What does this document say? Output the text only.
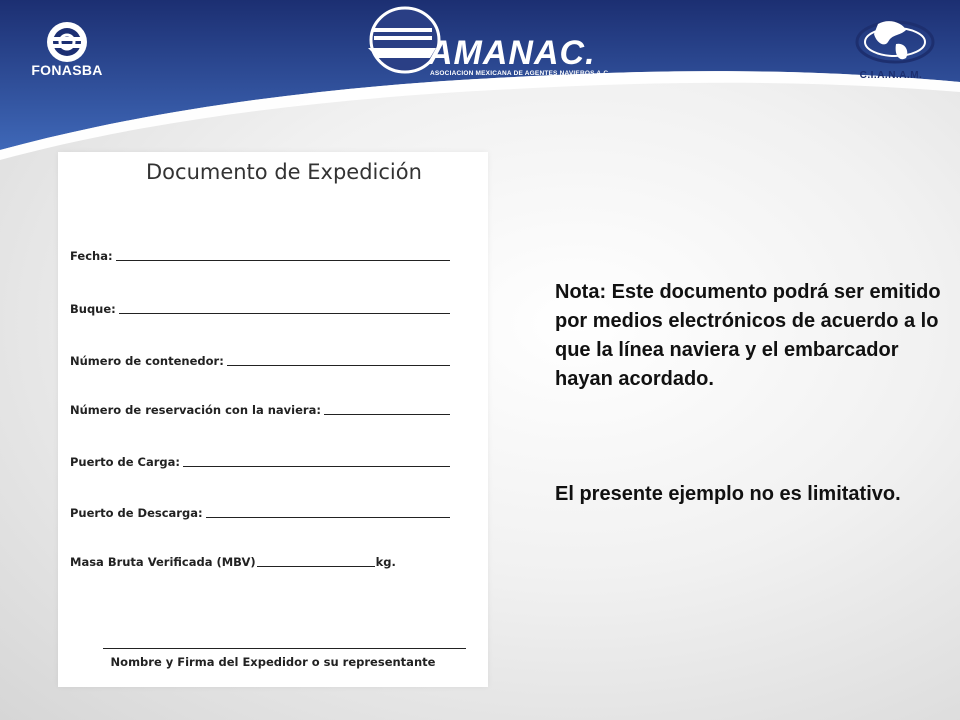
FONASBA	AMANAC.
ASOCIACION MEXICANA DE AGENTES NAVIEROS A.C.	C.I.A.N.A.M.
Documento de Expedición
Fecha:
Buque:
Número de contenedor:
Número de reservación con la naviera:
Puerto de Carga:
Puerto de Descarga:
Masa Bruta Verificada (MBV)	kg.
Nombre y Firma del Expedidor o su representante
Nota: Este documento podrá ser emitido por medios electrónicos de acuerdo a lo que la línea naviera y el embarcador hayan acordado.
El presente ejemplo no es limitativo.
